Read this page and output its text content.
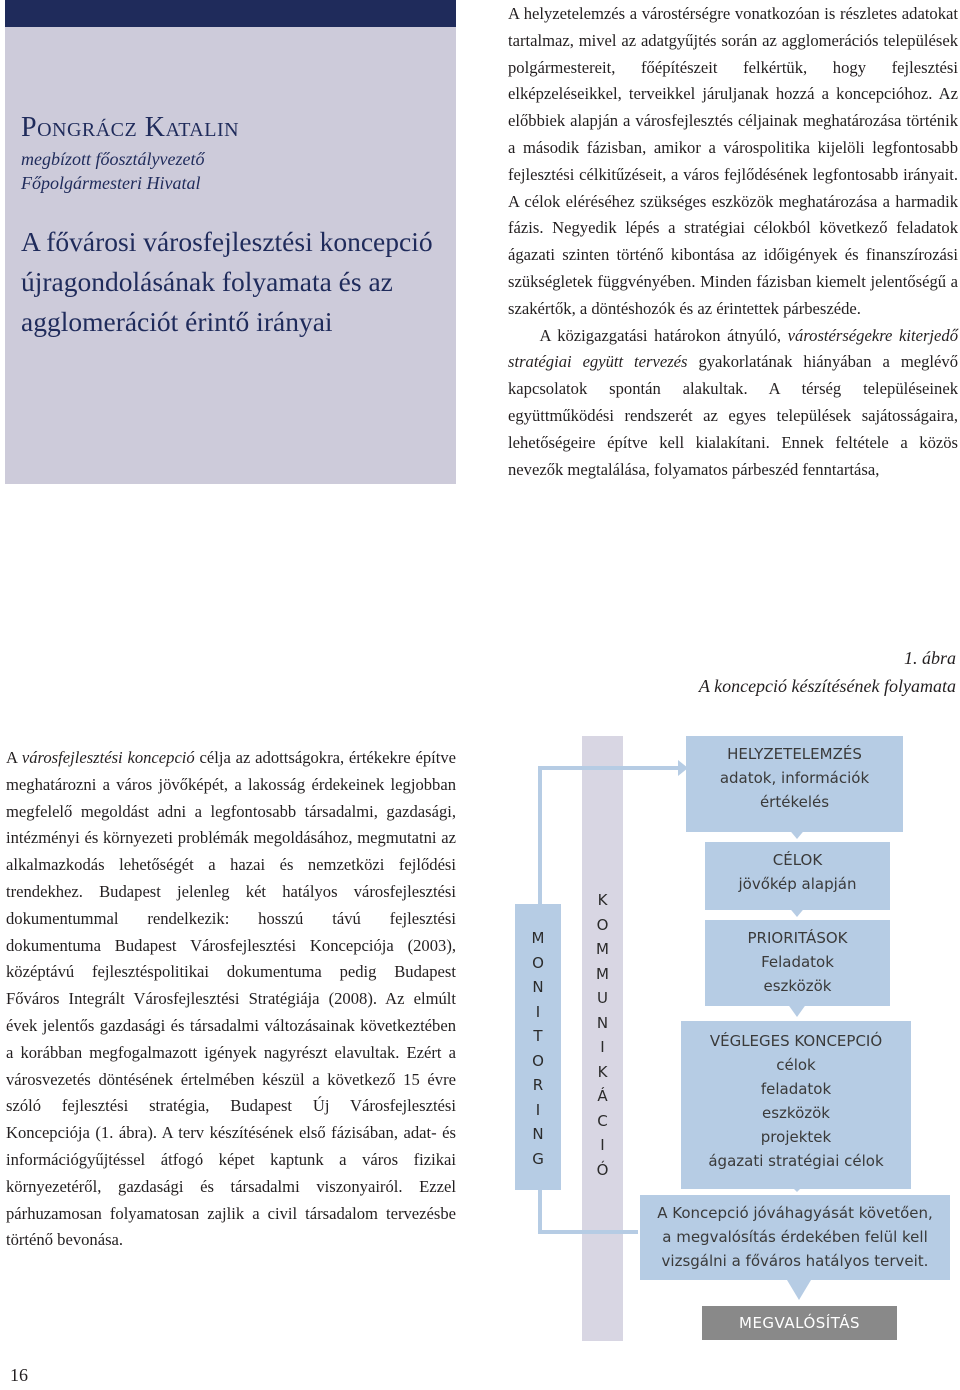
Pongrácz Katalin
megbízott főosztályvezető
Főpolgármesteri Hivatal
A fővárosi városfejlesztési koncepció újragondolásának folyamata és az agglomerációt érintő irányai

A helyzetelemzés a várostérségre vonatkozóan is részletes adatokat tartalmaz, mivel az adatgyűjtés során az agglomerációs települések polgármestereit, főépítészeit felkértük, hogy fejlesztési elképzeléseikkel, terveikkel járuljanak hozzá a koncepcióhoz. Az előbbiek alapján a városfejlesztés céljainak meghatározása történik a második fázisban, amikor a várospolitika kijelöli legfontosabb fejlesztési célkitűzéseit, a város fejlődésének legfontosabb irányait. A célok eléréséhez szükséges eszközök meghatározása a harmadik fázis. Negyedik lépés a stratégiai célokból következő feladatok ágazati szinten történő kibontása az időigények és finanszírozási szükségletek függvényében. Minden fázisban kiemelt jelentőségű a szakértők, a döntéshozók és az érintettek párbeszéde.

A közigazgatási határokon átnyúló, várostérségekre kiterjedő stratégiai együtt tervezés gyakorlatának hiányában a meglévő kapcsolatok spontán alakultak. A térség településeinek együttműködési rendszerét az egyes települések sajátosságaira, lehetőségeire építve kell kialakítani. Ennek feltétele a közös nevezők megtalálása, folyamatos párbeszéd fenntartása,

1. ábra
A koncepció készítésének folyamata
K
O
M
M
U
N
I
K
Á
C
I
Ó
M
O
N
I
T
O
R
I
N
G
HELYZETELEMZÉS
adatok, információk
értékelés
CÉLOK
jövőkép alapján
PRIORITÁSOK
Feladatok
eszközök
VÉGLEGES KONCEPCIÓ
célok
feladatok
eszközök
projektek
ágazati stratégiai célok
A Koncepció jóváhagyását követően,
a megvalósítás érdekében felül kell
vizsgálni a főváros hatályos terveit.
MEGVALÓSÍTÁS

A városfejlesztési koncepció célja az adottságokra, értékekre építve meghatározni a város jövőképét, a lakosság érdekeinek legjobban megfelelő megoldást adni a legfontosabb társadalmi, gazdasági, intézményi és környezeti problémák megoldásához, megmutatni az alkalmazkodás lehetőségét a hazai és nemzetközi fejlődési trendekhez. Budapest jelenleg két hatályos városfejlesztési dokumentummal rendelkezik: hosszú távú fejlesztési dokumentuma Budapest Városfejlesztési Koncepciója (2003), középtávú fejlesztéspolitikai dokumentuma pedig Budapest Főváros Integrált Városfejlesztési Stratégiája (2008). Az elmúlt évek jelentős gazdasági és társadalmi változásainak következtében a korábban megfogalmazott igények nagyrészt elavultak. Ezért a városvezetés döntésének értelmében készül a következő 15 évre szóló fejlesztési stratégia, Budapest Új Városfejlesztési Koncepciója (1. ábra). A terv készítésének első fázisában, adat- és információgyűjtéssel átfogó képet kaptunk a város fizikai környezetéről, gazdasági és társadalmi viszonyairól. Ezzel párhuzamosan folyamatosan zajlik a civil társadalom tervezésbe történő bevonása.

16
